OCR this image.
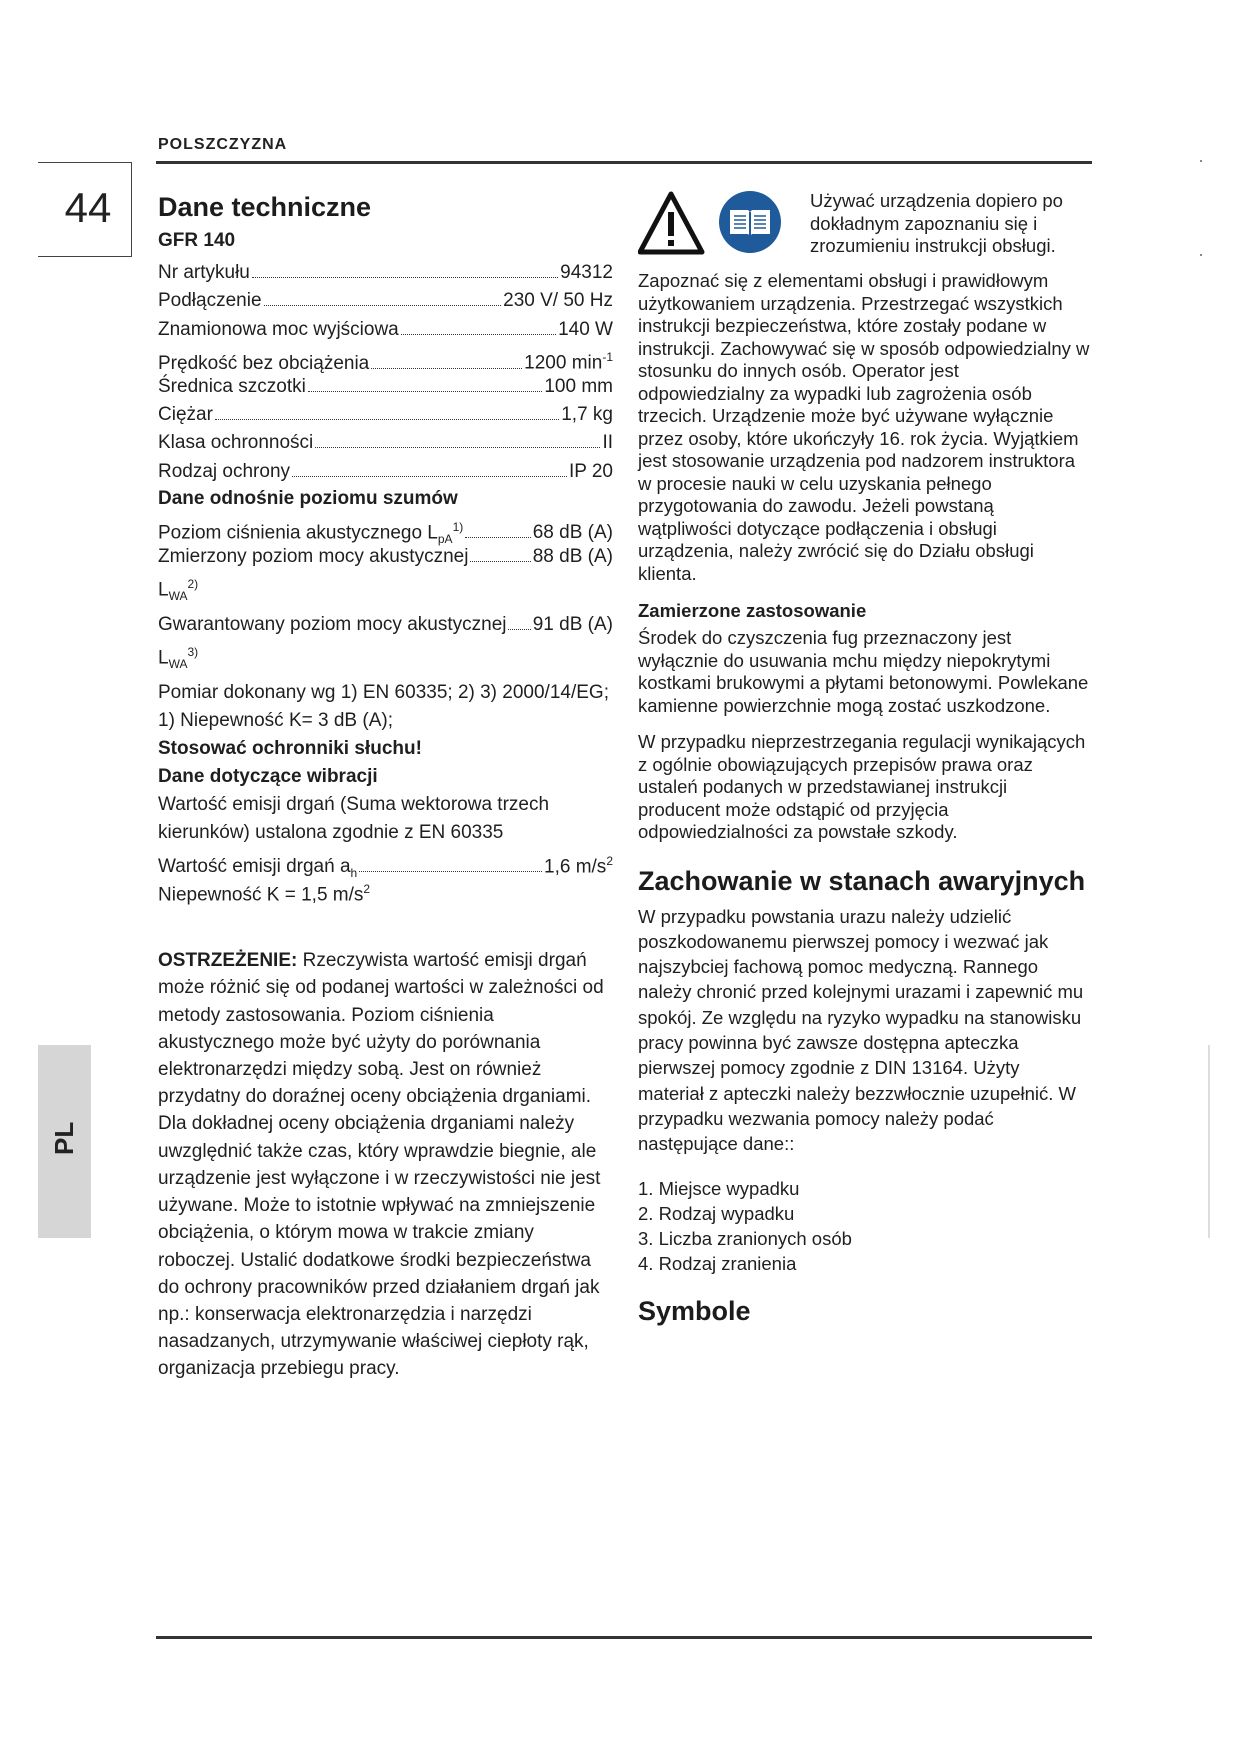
POLSZCZYZNA
44
PL
Dane techniczne
GFR 140
Nr artykułu	94312
Podłączenie	230 V/ 50 Hz
Znamionowa moc wyjściowa	140 W
Prędkość bez obciążenia	1200 $\min^{-1}$
Średnica szczotki	100 mm
Ciężar	1,7 kg
Klasa ochronności	II
Rodzaj ochrony	IP 20
Dane odnośnie poziomu szumów
Poziom ciśnienia akustycznego $L_{pA}^{1)}$	68 dB (A)
Zmierzony poziom mocy akustycznej	88 dB (A)
$L_{WA}^{2)}$
Gwarantowany poziom mocy akustycznej 91 dB (A)
$L_{WA}^{3)}$
Pomiar dokonany wg 1) EN 60335; 2) 3) 2000/14/EG;
1) Niepewność K= 3 dB (A);
Stosować ochronniki słuchu!
Dane dotyczące wibracji
Wartość emisji drgań (Suma wektorowa trzech
kierunków) ustalona zgodnie z EN 60335
Wartość emisji drgań $a_h$	1,6 $m/s^2$
Niepewność K = 1,5 $m/s^2$
OSTRZEŻENIE: Rzeczywista wartość emisji drgań może różnić się od podanej wartości w zależności od metody zastosowania. Poziom ciśnienia akustycznego może być użyty do porównania elektronarzędzi między sobą. Jest on również przydatny do doraźnej oceny obciążenia drganiami. Dla dokładnej oceny obciążenia drganiami należy uwzględnić także czas, który wprawdzie biegnie, ale urządzenie jest wyłączone i w rzeczywistości nie jest używane. Może to istotnie wpływać na zmniejszenie obciążenia, o którym mowa w trakcie zmiany roboczej. Ustalić dodatkowe środki bezpieczeństwa do ochrony pracowników przed działaniem drgań jak np.: konserwacja elektronarzędzia i narzędzi nasadzanych, utrzymywanie właściwej ciepłoty rąk, organizacja przebiegu pracy.
Używać urządzenia dopiero po dokładnym zapoznaniu się i zrozumieniu instrukcji obsługi.
Zapoznać się z elementami obsługi i prawidłowym użytkowaniem urządzenia. Przestrzegać wszystkich instrukcji bezpieczeństwa, które zostały podane w instrukcji. Zachowywać się w sposób odpowiedzialny w stosunku do innych osób. Operator jest odpowiedzialny za wypadki lub zagrożenia osób trzecich. Urządzenie może być używane wyłącznie przez osoby, które ukończyły 16. rok życia. Wyjątkiem jest stosowanie urządzenia pod nadzorem instruktora w procesie nauki w celu uzyskania pełnego przygotowania do zawodu. Jeżeli powstaną wątpliwości dotyczące podłączenia i obsługi urządzenia, należy zwrócić się do Działu obsługi klienta.
Zamierzone zastosowanie
Środek do czyszczenia fug przeznaczony jest wyłącznie do usuwania mchu między niepokrytymi kostkami brukowymi a płytami betonowymi. Powlekane kamienne powierzchnie mogą zostać uszkodzone.
W przypadku nieprzestrzegania regulacji wynikających z ogólnie obowiązujących przepisów prawa oraz ustaleń podanych w przedstawianej instrukcji producent może odstąpić od przyjęcia odpowiedzialności za powstałe szkody.
Zachowanie w stanach awaryjnych
W przypadku powstania urazu należy udzielić poszkodowanemu pierwszej pomocy i wezwać jak najszybciej fachową pomoc medyczną. Rannego należy chronić przed kolejnymi urazami i zapewnić mu spokój. Ze względu na ryzyko wypadku na stanowisku pracy powinna być zawsze dostępna apteczka pierwszej pomocy zgodnie z DIN 13164. Użyty materiał z apteczki należy bezzwłocznie uzupełnić. W przypadku wezwania pomocy należy podać następujące dane::
1. Miejsce wypadku
2. Rodzaj wypadku
3. Liczba zranionych osób
4. Rodzaj zranienia
Symbole
